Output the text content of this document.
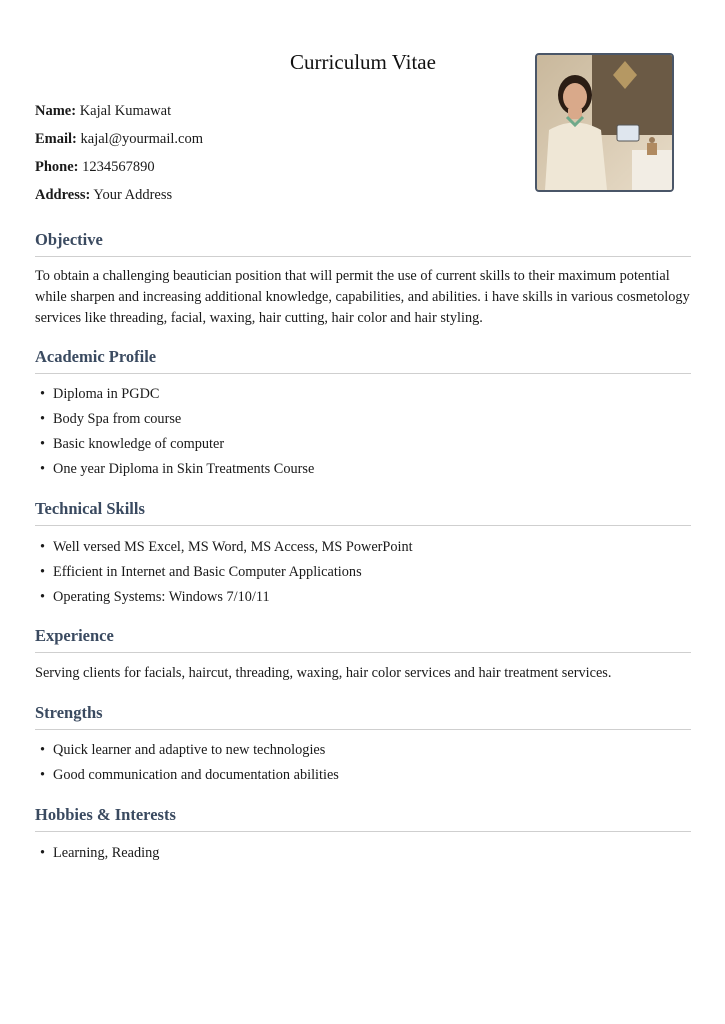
Curriculum Vitae
Name: Kajal Kumawat
Email: kajal@yourmail.com
Phone: 1234567890
Address: Your Address
Objective
To obtain a challenging beautician position that will permit the use of current skills to their maximum potential while sharpen and increasing additional knowledge, capabilities, and abilities. i have skills in various cosmetology services like threading, facial, waxing, hair cutting, hair color and hair styling.
Academic Profile
• Diploma in PGDC
• Body Spa from course
• Basic knowledge of computer
• One year Diploma in Skin Treatments Course
Technical Skills
• Well versed MS Excel, MS Word, MS Access, MS PowerPoint
• Efficient in Internet and Basic Computer Applications
• Operating Systems: Windows 7/10/11
Experience
Serving clients for facials, haircut, threading, waxing, hair color services and hair treatment services.
Strengths
• Quick learner and adaptive to new technologies
• Good communication and documentation abilities
Hobbies & Interests
• Learning, Reading
